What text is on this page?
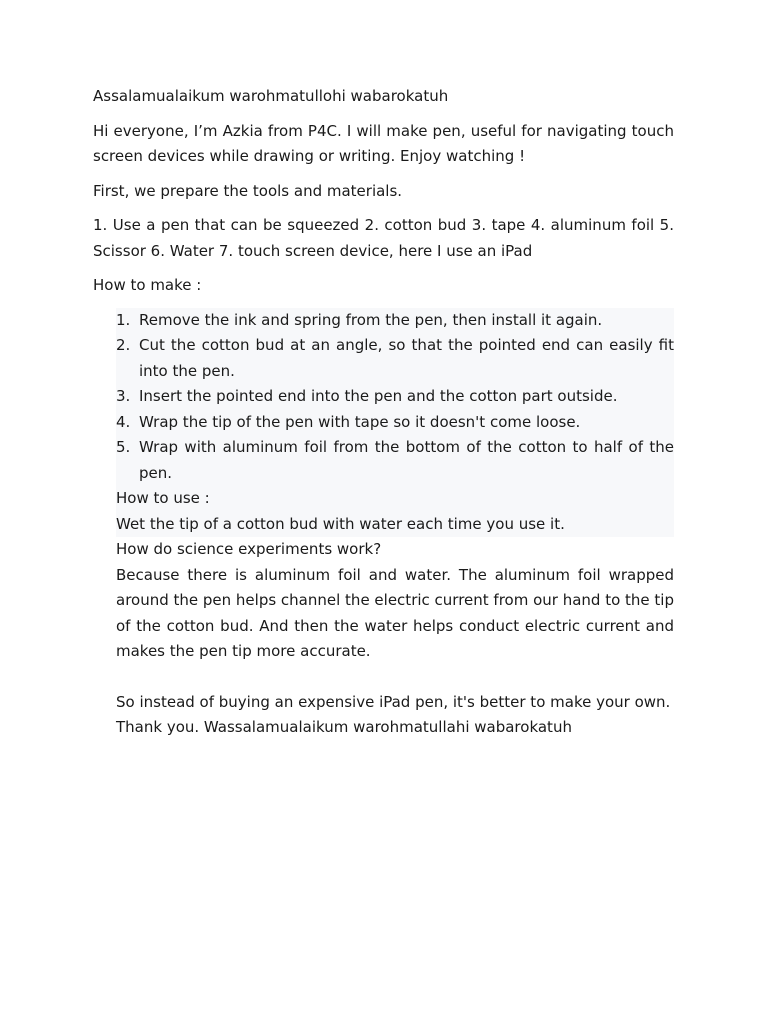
Assalamualaikum warohmatullohi wabarokatuh

Hi everyone, I’m Azkia from P4C. I will make pen, useful for navigating touch screen devices while drawing or writing. Enjoy watching !

First, we prepare the tools and materials.

1. Use a pen that can be squeezed 2. cotton bud 3. tape 4. aluminum foil 5. Scissor 6. Water 7. touch screen device, here I use an iPad

How to make :

1. Remove the ink and spring from the pen, then install it again.
2. Cut the cotton bud at an angle, so that the pointed end can easily fit into the pen.
3. Insert the pointed end into the pen and the cotton part outside.
4. Wrap the tip of the pen with tape so it doesn't come loose.
5. Wrap with aluminum foil from the bottom of the cotton to half of the pen.

How to use :

Wet the tip of a cotton bud with water each time you use it.

How do science experiments work?

Because there is aluminum foil and water. The aluminum foil wrapped around the pen helps channel the electric current from our hand to the tip of the cotton bud. And then the water helps conduct electric current and makes the pen tip more accurate.

So instead of buying an expensive iPad pen, it's better to make your own.

Thank you. Wassalamualaikum warohmatullahi wabarokatuh
